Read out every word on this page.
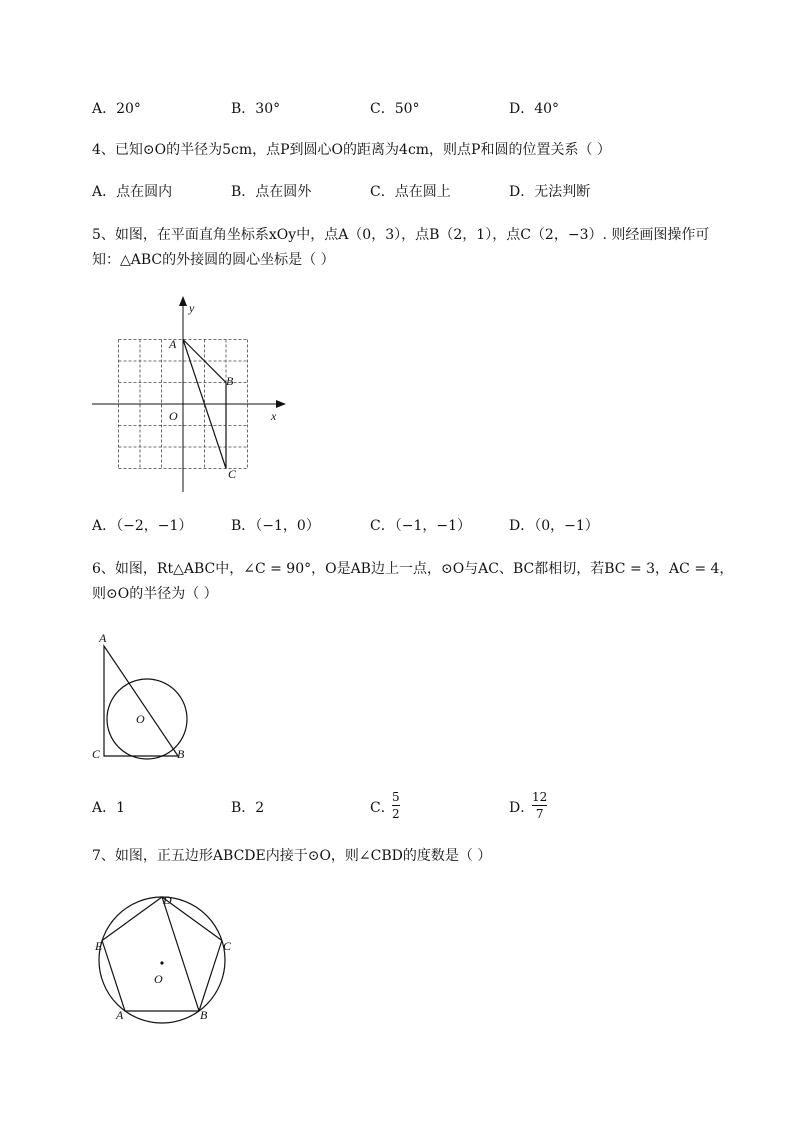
A．20°	B．30°	C．50°	D．40°
4、已知⊙O的半径为5cm，点P到圆心O的距离为4cm，则点P和圆的位置关系（ ）
A．点在圆内	B．点在圆外	C．点在圆上	D．无法判断
5、如图，在平面直角坐标系xOy中，点A（0，3），点B（2，1），点C（2，−3）. 则经画图操作可
知：△ABC的外接圆的圆心坐标是（ ）
y
x
O
A
B
C
A．（−2，−1）	B．（−1，0）	C．（−1，−1）	D．（0，−1）
6、如图，Rt△ABC中，∠C = 90°，O是AB边上一点，⊙O与AC、BC都相切，若BC = 3，AC = 4，
则⊙O的半径为（ ）
A
C	B
O
A．1	B．2	C．
5
2	D．
12
7
7、如图，正五边形ABCDE内接于⊙O，则∠CBD的度数是（ ）
D
E	C
A	B
O
